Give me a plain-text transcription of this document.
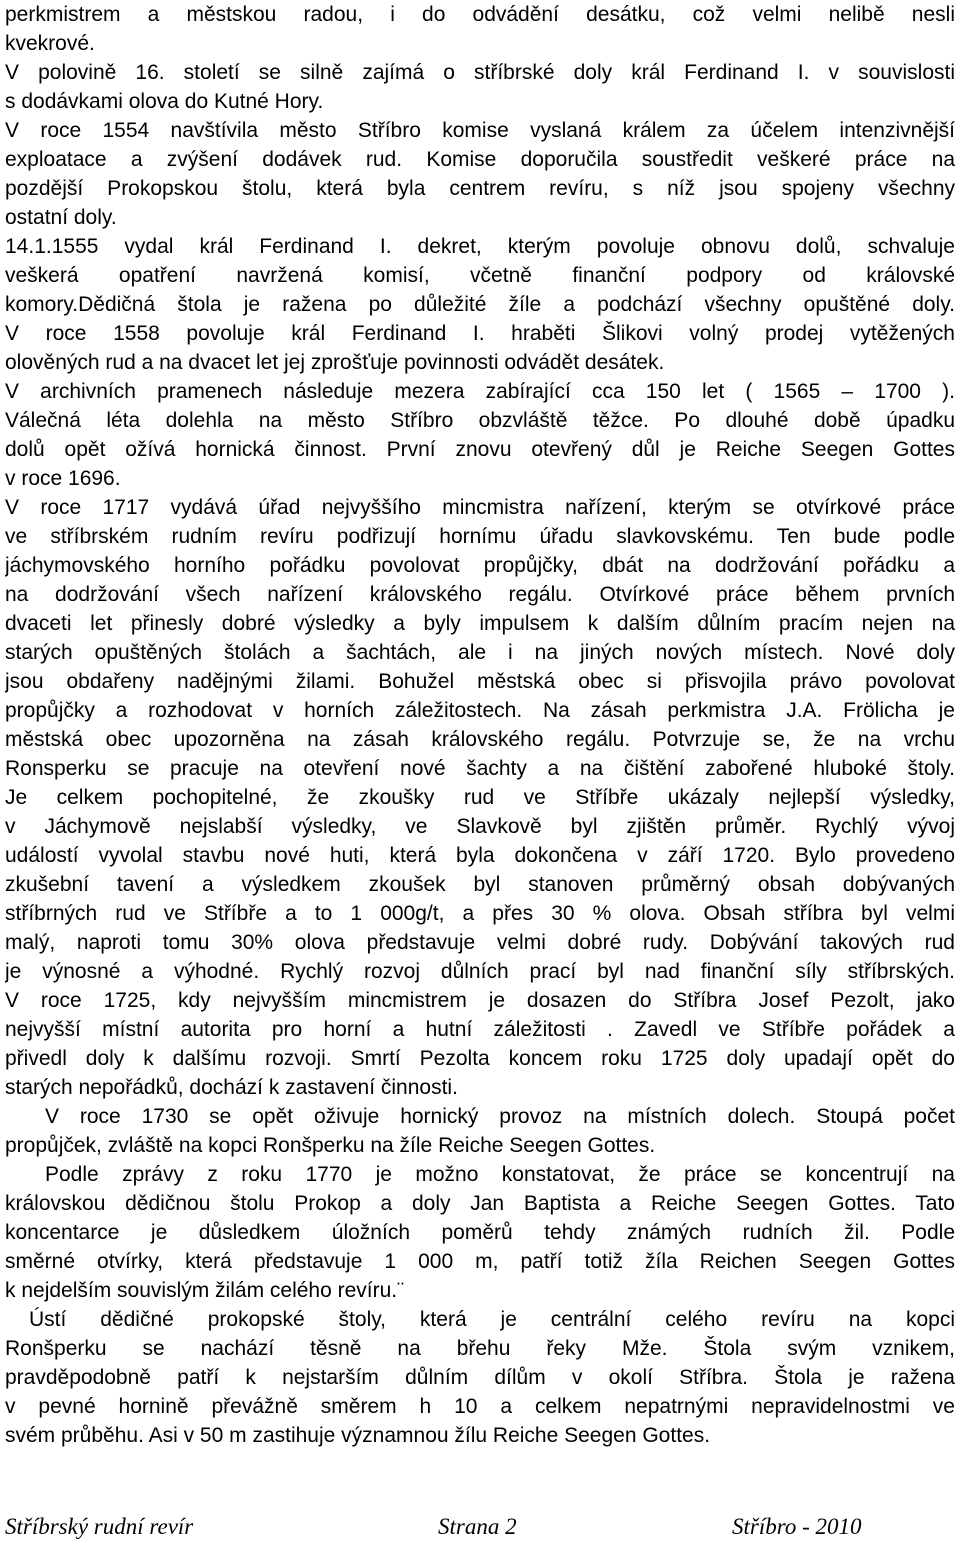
perkmistrem a městskou radou, i do odvádění desátku, což velmi nelibě nesli
kvekrové.
V polovině 16. století se silně zajímá o stříbrské doly král Ferdinand I. v souvislosti
s dodávkami olova do Kutné Hory.
V roce 1554 navštívila město Stříbro komise vyslaná králem za účelem intenzivnější
exploatace a zvýšení dodávek rud. Komise doporučila soustředit veškeré práce na
pozdější Prokopskou štolu, která byla centrem revíru, s níž jsou spojeny všechny
ostatní doly.
14.1.1555 vydal král Ferdinand I. dekret, kterým povoluje obnovu dolů, schvaluje
veškerá opatření navržená komisí, včetně finanční podpory od královské
komory.Dědičná štola je ražena po důležité žíle a podchází všechny opuštěné doly.
V roce 1558 povoluje král Ferdinand I. hraběti Šlikovi volný prodej vytěžených
olověných rud a na dvacet let jej zprošťuje povinnosti odvádět desátek.
V archivních pramenech následuje mezera zabírající cca 150 let ( 1565 – 1700 ).
Válečná léta dolehla na město Stříbro obzvláště těžce. Po dlouhé době úpadku
dolů opět ožívá hornická činnost. První znovu otevřený důl je Reiche Seegen Gottes
v roce 1696.
V roce 1717 vydává úřad nejvyššího mincmistra nařízení, kterým se otvírkové práce
ve stříbrském rudním revíru podřizují hornímu úřadu slavkovskému. Ten bude podle
jáchymovského horního pořádku povolovat propůjčky, dbát na dodržování pořádku a
na dodržování všech nařízení královského regálu. Otvírkové práce během prvních
dvaceti let přinesly dobré výsledky a byly impulsem k dalším důlním pracím nejen na
starých opuštěných štolách a šachtách, ale i na jiných nových místech. Nové doly
jsou obdařeny nadějnými žilami. Bohužel městská obec si přisvojila právo povolovat
propůjčky a rozhodovat v horních záležitostech. Na zásah perkmistra J.A. Frölicha je
městská obec upozorněna na zásah královského regálu. Potvrzuje se, že na vrchu
Ronsperku se pracuje na otevření nové šachty a na čištění zabořené hluboké štoly.
Je celkem pochopitelné, že zkoušky rud ve Stříbře ukázaly nejlepší výsledky,
v Jáchymově nejslabší výsledky, ve Slavkově byl zjištěn průměr. Rychlý vývoj
událostí vyvolal stavbu nové huti, která byla dokončena v září 1720. Bylo provedeno
zkušební tavení a výsledkem zkoušek byl stanoven průměrný obsah dobývaných
stříbrných rud ve Stříbře a to 1 000g/t, a přes 30 % olova. Obsah stříbra byl velmi
malý, naproti tomu 30% olova představuje velmi dobré rudy. Dobývání takových rud
je výnosné a výhodné. Rychlý rozvoj důlních prací byl nad finanční síly stříbrských.
V roce 1725, kdy nejvyšším mincmistrem je dosazen do Stříbra Josef Pezolt, jako
nejvyšší místní autorita pro horní a hutní záležitosti . Zavedl ve Stříbře pořádek a
přivedl doly k dalšímu rozvoji. Smrtí Pezolta koncem roku 1725 doly upadají opět do
starých nepořádků, dochází k zastavení činnosti.
V roce 1730 se opět oživuje hornický provoz na místních dolech. Stoupá počet
propůjček, zvláště na kopci Ronšperku na žíle Reiche Seegen Gottes.
Podle zprávy z roku 1770 je možno konstatovat, že práce se koncentrují na
královskou dědičnou štolu Prokop a doly Jan Baptista a Reiche Seegen Gottes. Tato
koncentarce je důsledkem úložních poměrů tehdy známých rudních žil. Podle
směrné otvírky, která představuje 1 000 m, patří totiž žíla Reichen Seegen Gottes
k nejdelším souvislým žilám celého revíru.¨
Ústí dědičné prokopské štoly, která je centrální celého revíru na kopci
Ronšperku se nachází těsně na břehu řeky Mže. Štola svým vznikem,
pravděpodobně patří k nejstarším důlním dílům v okolí Stříbra. Štola je ražena
v pevné hornině převážně směrem h 10 a celkem nepatrnými nepravidelnostmi ve
svém průběhu. Asi v 50 m zastihuje významnou žílu Reiche Seegen Gottes.
Stříbrský rudní revír	Strana 2	Stříbro - 2010
